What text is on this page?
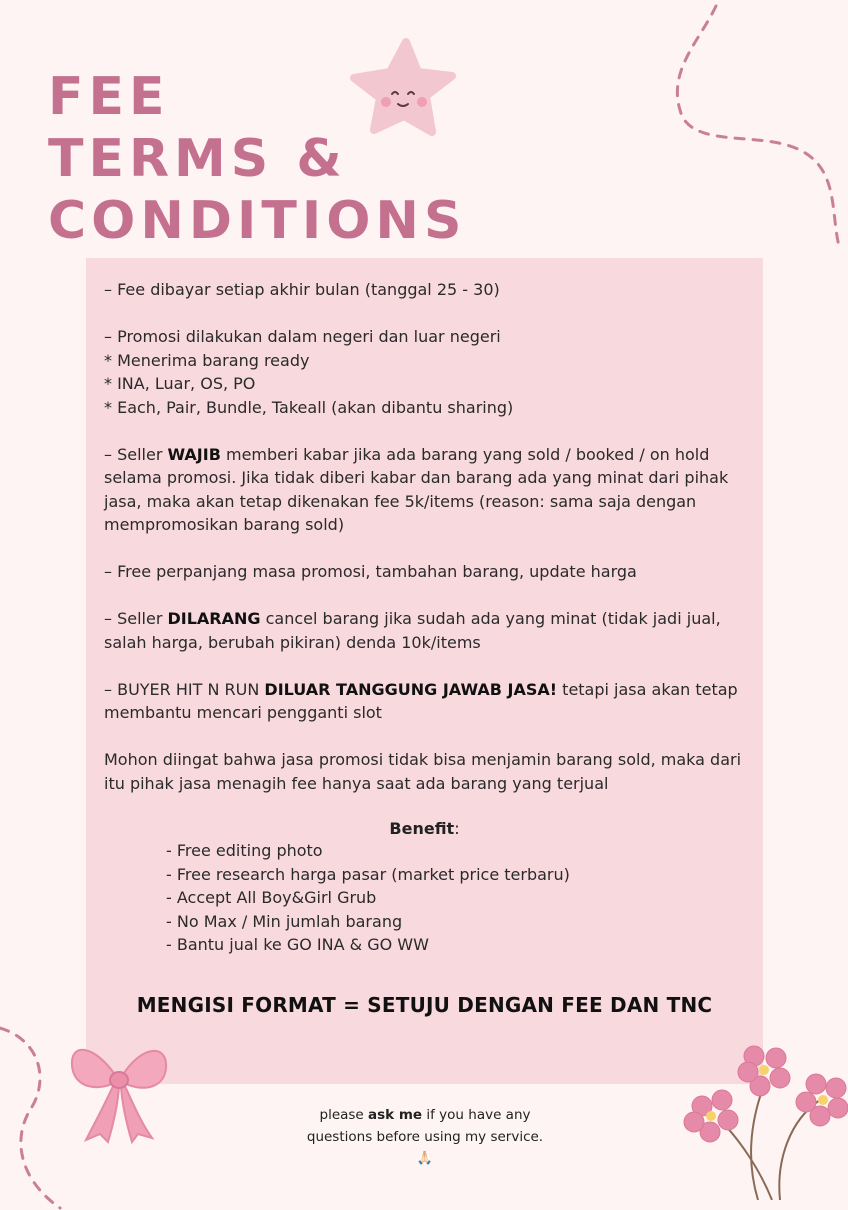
FEE
TERMS &
CONDITIONS

– Fee dibayar setiap akhir bulan (tanggal 25 - 30)

– Promosi dilakukan dalam negeri dan luar negeri
* Menerima barang ready
* INA, Luar, OS, PO
* Each, Pair, Bundle, Takeall (akan dibantu sharing)

– Seller WAJIB memberi kabar jika ada barang yang sold / booked / on hold selama promosi. Jika tidak diberi kabar dan barang ada yang minat dari pihak jasa, maka akan tetap dikenakan fee 5k/items (reason: sama saja dengan mempromosikan barang sold)

– Free perpanjang masa promosi, tambahan barang, update harga

– Seller DILARANG cancel barang jika sudah ada yang minat (tidak jadi jual, salah harga, berubah pikiran) denda 10k/items

– BUYER HIT N RUN DILUAR TANGGUNG JAWAB JASA! tetapi jasa akan tetap membantu mencari pengganti slot

Mohon diingat bahwa jasa promosi tidak bisa menjamin barang sold, maka dari itu pihak jasa menagih fee hanya saat ada barang yang terjual

Benefit:
- Free editing photo
- Free research harga pasar (market price terbaru)
- Accept All Boy&Girl Grub
- No Max / Min jumlah barang
- Bantu jual ke GO INA & GO WW
MENGISI FORMAT = SETUJU DENGAN FEE DAN TNC
please ask me if you have any
questions before using my service.
🙏🏻
